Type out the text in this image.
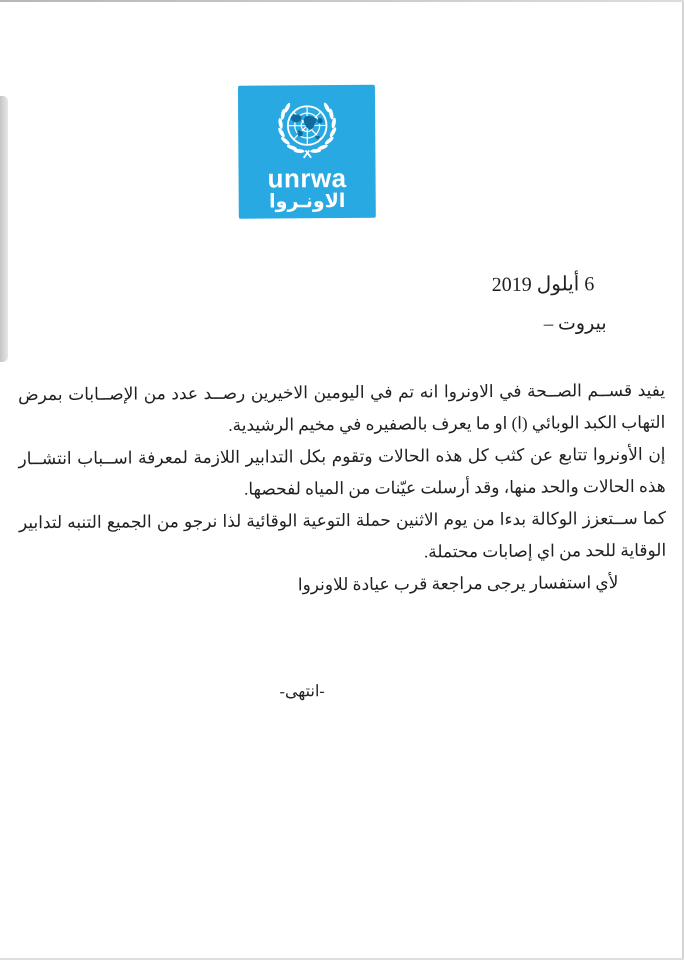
unrwa
الاونـروا
6 أيلول 2019
بيروت –
يفيد قســم الصــحة في الاونروا انه تم في اليومين الاخيرين رصــد عدد من الإصــابات بمرض
التهاب الكبد الوبائي (ا) او ما يعرف بالصفيره في مخيم الرشيدية.
إن الأونروا تتابع عن كثب كل هذه الحالات وتقوم بكل التدابير اللازمة لمعرفة اســباب انتشــار
هذه الحالات والحد منها، وقد أرسلت عيّنات من المياه لفحصها.
كما ســتعزز الوكالة بدءا من يوم الاثنين حملة التوعية الوقائية لذا نرجو من الجميع التنبه لتدابير
الوقاية للحد من اي إصابات محتملة.
لأي استفسار يرجى مراجعة قرب عيادة للاونروا
-انتهى-
